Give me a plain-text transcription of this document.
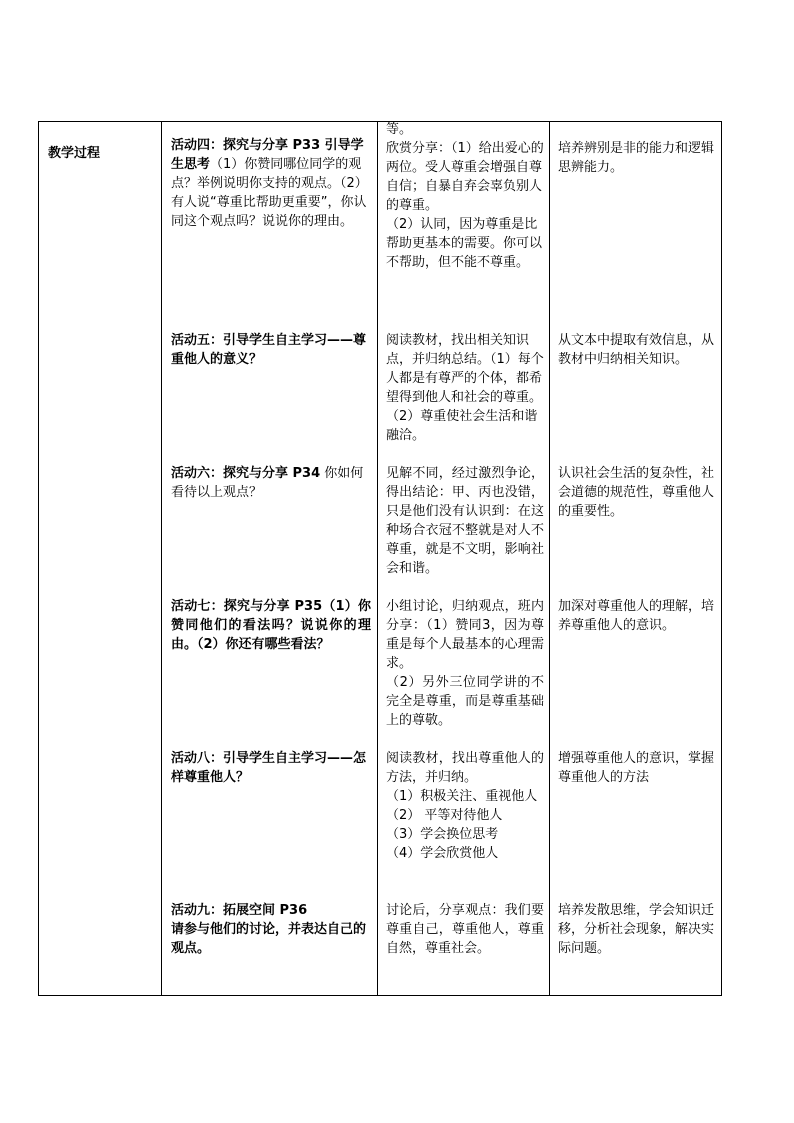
教学过程
活动四：探究与分享 P33 引导学生思考（1）你赞同哪位同学的观点？举例说明你支持的观点。（2）有人说“尊重比帮助更重要”，你认同这个观点吗？说说你的理由。
等。
欣赏分享：（1）给出爱心的两位。受人尊重会增强自尊自信；自暴自弃会辜负别人的尊重。
（2）认同，因为尊重是比帮助更基本的需要。你可以不帮助，但不能不尊重。
培养辨别是非的能力和逻辑思辨能力。
活动五：引导学生自主学习——尊重他人的意义？
阅读教材，找出相关知识点，并归纳总结。（1）每个人都是有尊严的个体，都希望得到他人和社会的尊重。
（2）尊重使社会生活和谐融洽。
从文本中提取有效信息，从教材中归纳相关知识。
活动六：探究与分享 P34 你如何看待以上观点？
见解不同，经过激烈争论，得出结论：甲、丙也没错，只是他们没有认识到：在这种场合衣冠不整就是对人不尊重，就是不文明，影响社会和谐。
认识社会生活的复杂性，社会道德的规范性，尊重他人的重要性。
活动七：探究与分享 P35（1）你赞同他们的看法吗？说说你的理由。（2）你还有哪些看法？
小组讨论，归纳观点，班内分享：（1）赞同3，因为尊重是每个人最基本的心理需求。
（2）另外三位同学讲的不完全是尊重，而是尊重基础上的尊敬。
加深对尊重他人的理解，培养尊重他人的意识。
活动八：引导学生自主学习——怎样尊重他人？
阅读教材，找出尊重他人的方法，并归纳。
（1）积极关注、重视他人
（2） 平等对待他人
（3）学会换位思考
（4）学会欣赏他人
增强尊重他人的意识，掌握尊重他人的方法
活动九：拓展空间 P36
请参与他们的讨论，并表达自己的观点。
讨论后，分享观点：我们要尊重自己，尊重他人，尊重自然，尊重社会。
培养发散思维，学会知识迁移，分析社会现象，解决实际问题。
